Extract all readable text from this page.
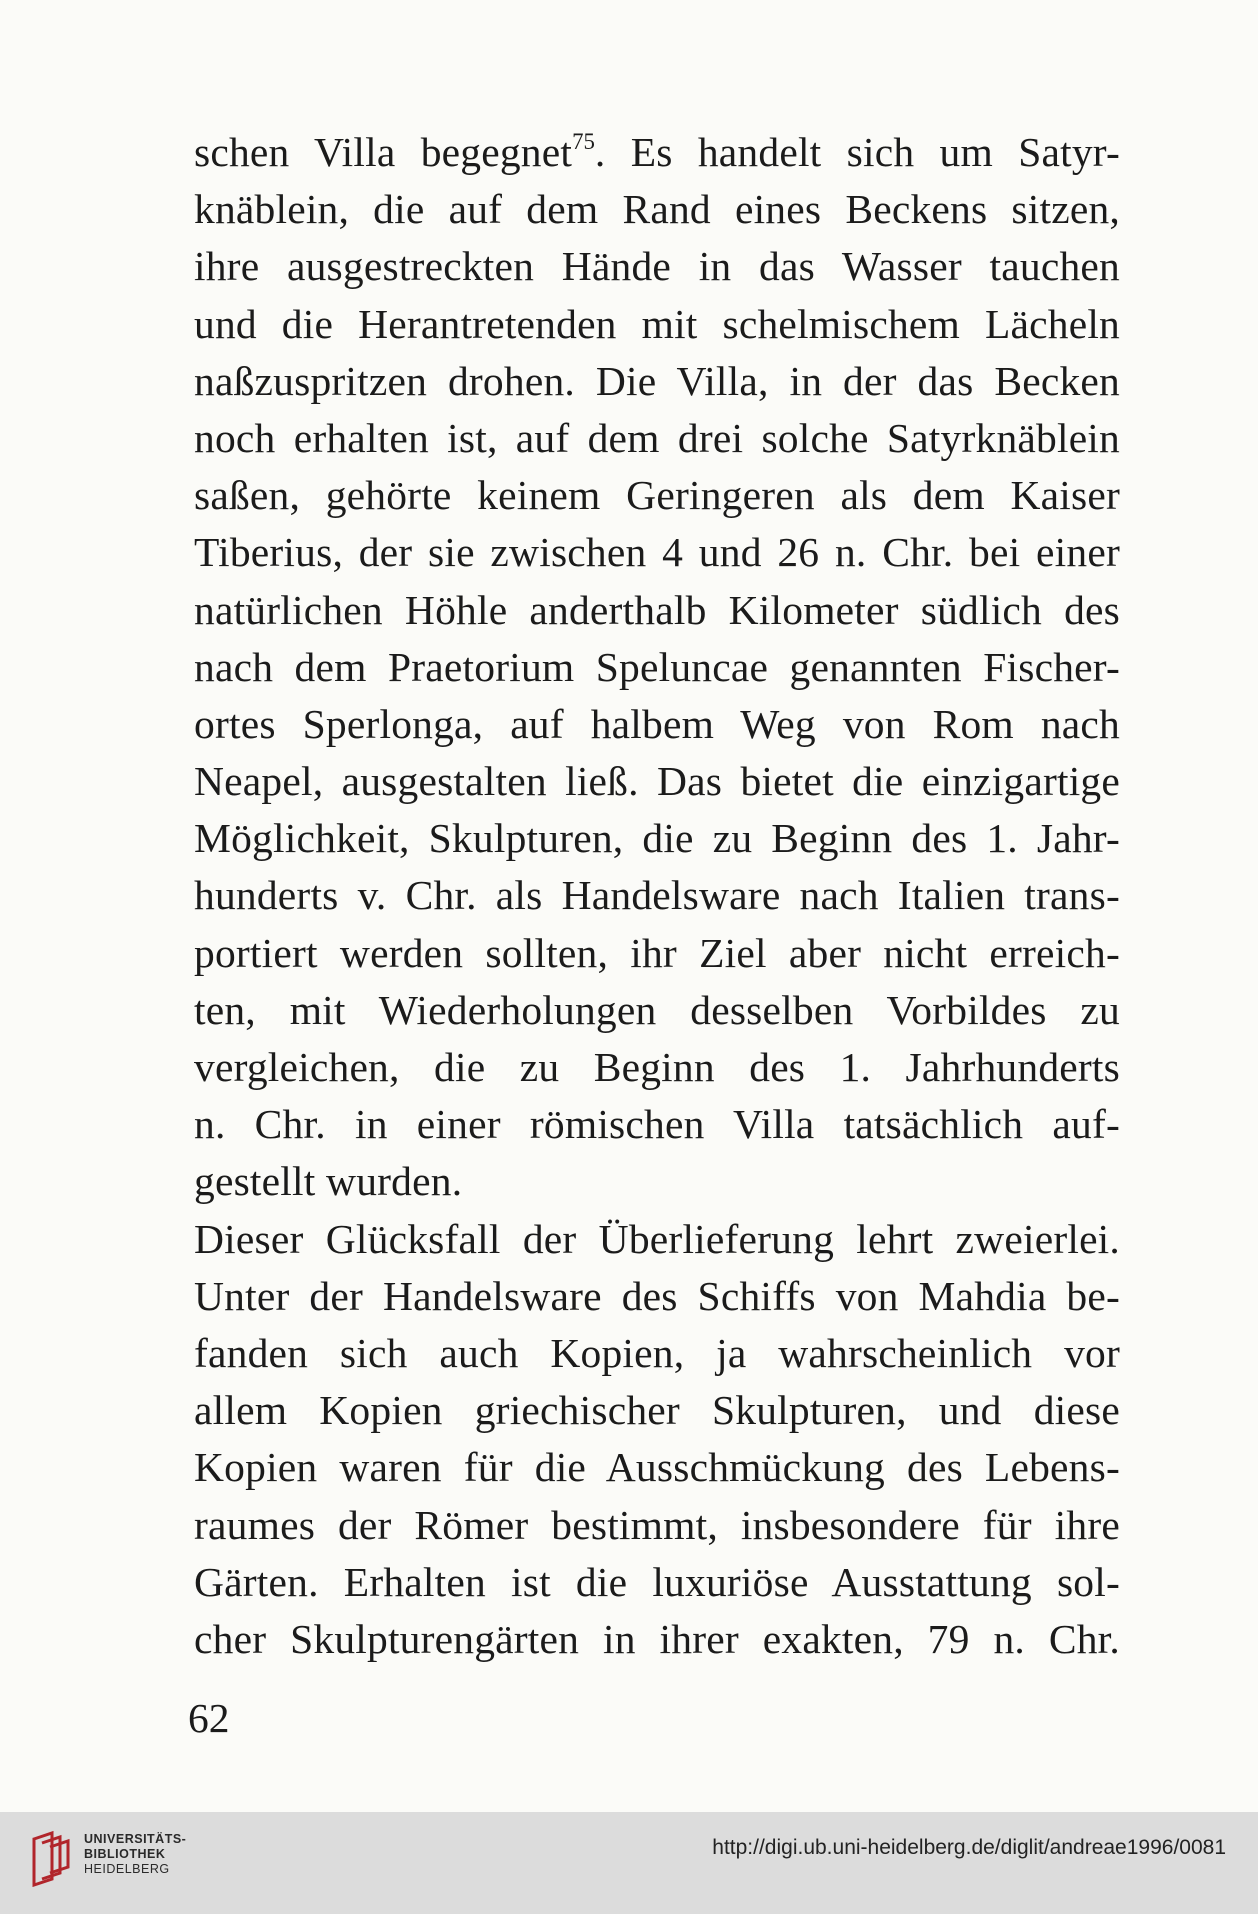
schen Villa begegnet$^{75}$. Es handelt sich um Satyr-
knäblein, die auf dem Rand eines Beckens sitzen,
ihre ausgestreckten Hände in das Wasser tauchen
und die Herantretenden mit schelmischem Lächeln
naßzuspritzen drohen. Die Villa, in der das Becken
noch erhalten ist, auf dem drei solche Satyrknäblein
saßen, gehörte keinem Geringeren als dem Kaiser
Tiberius, der sie zwischen 4 und 26 n. Chr. bei einer
natürlichen Höhle anderthalb Kilometer südlich des
nach dem Praetorium Speluncae genannten Fischer-
ortes Sperlonga, auf halbem Weg von Rom nach
Neapel, ausgestalten ließ. Das bietet die einzigartige
Möglichkeit, Skulpturen, die zu Beginn des 1. Jahr-
hunderts v. Chr. als Handelsware nach Italien trans-
portiert werden sollten, ihr Ziel aber nicht erreich-
ten, mit Wiederholungen desselben Vorbildes zu
vergleichen, die zu Beginn des 1. Jahrhunderts
n. Chr. in einer römischen Villa tatsächlich auf-
gestellt wurden.
Dieser Glücksfall der Überlieferung lehrt zweierlei.
Unter der Handelsware des Schiffs von Mahdia be-
fanden sich auch Kopien, ja wahrscheinlich vor
allem Kopien griechischer Skulpturen, und diese
Kopien waren für die Ausschmückung des Lebens-
raumes der Römer bestimmt, insbesondere für ihre
Gärten. Erhalten ist die luxuriöse Ausstattung sol-
cher Skulpturengärten in ihrer exakten, 79 n. Chr.
62
UNIVERSITÄTS-
BIBLIOTHEK
HEIDELBERG
http://digi.ub.uni-heidelberg.de/diglit/andreae1996/0081
